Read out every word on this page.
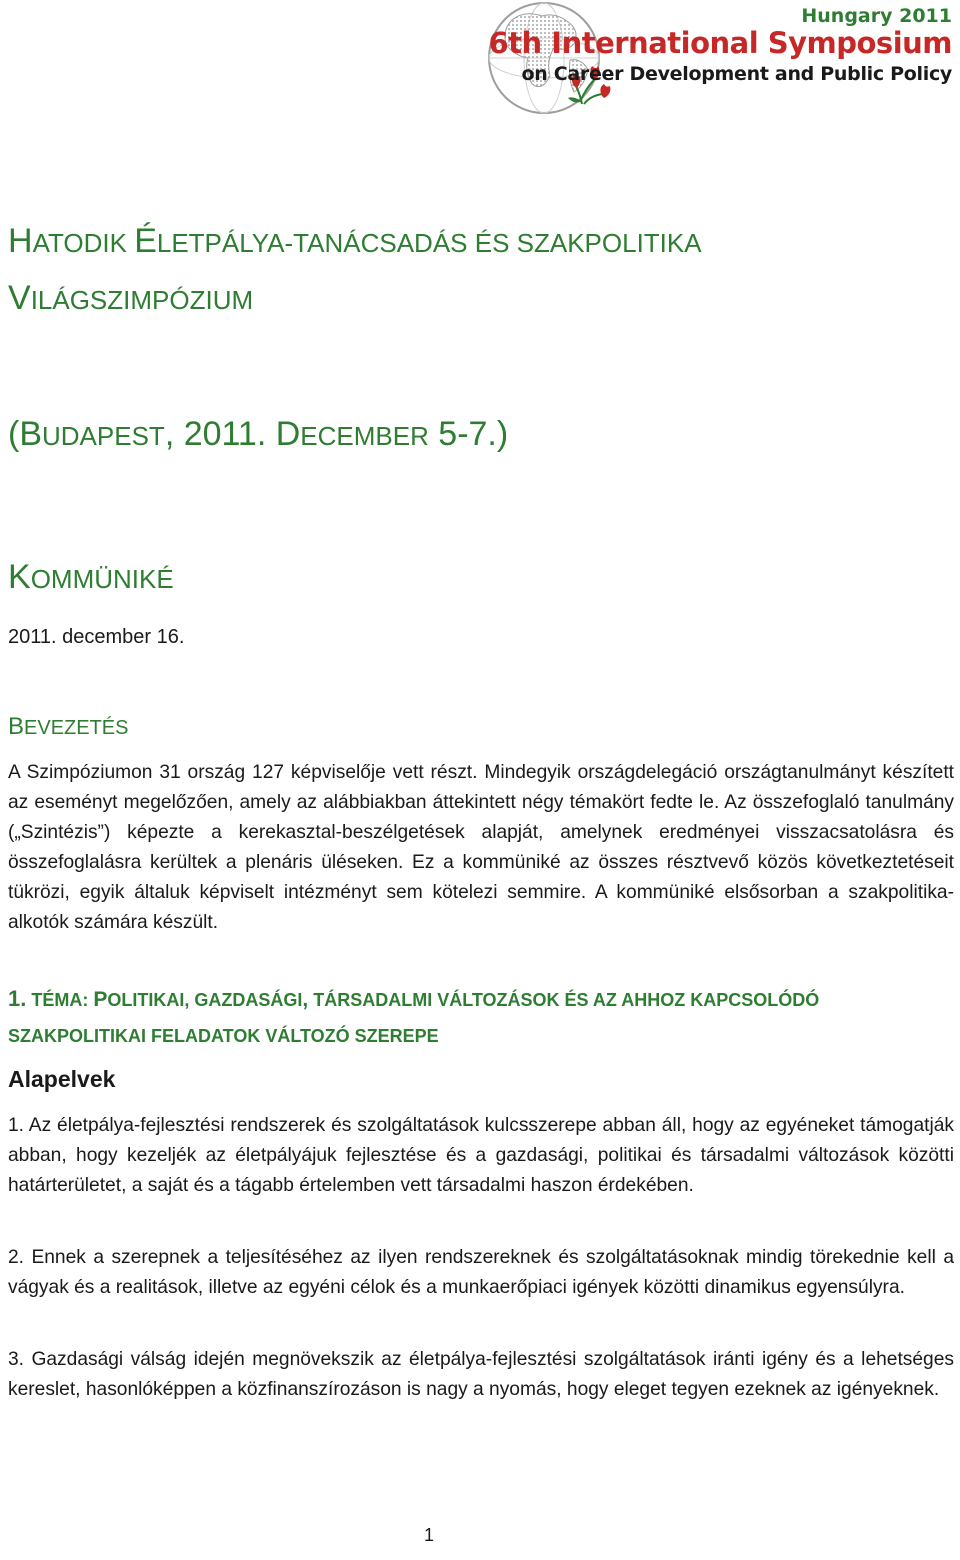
Hungary 2011
6th International Symposium
on Career Development and Public Policy
HATODIK ÉLETPÁLYA-TANÁCSADÁS ÉS SZAKPOLITIKA
VILÁGSZIMPÓZIUM
(BUDAPEST, 2011. DECEMBER 5-7.)
KOMMÜNIKÉ
2011. december 16.
BEVEZETÉS

A Szimpóziumon 31 ország 127 képviselője vett részt. Mindegyik országdelegáció országtanulmányt készített az eseményt megelőzően, amely az alábbiakban áttekintett négy témakört fedte le. Az összefoglaló tanulmány („Szintézis”) képezte a kerekasztal-beszélgetések alapját, amelynek eredményei visszacsatolásra és összefoglalásra kerültek a plenáris üléseken. Ez a kommüniké az összes résztvevő közös következtetéseit tükrözi, egyik általuk képviselt intézményt sem kötelezi semmire. A kommüniké elsősorban a szakpolitika-alkotók számára készült.

1. TÉMA: POLITIKAI, GAZDASÁGI, TÁRSADALMI VÁLTOZÁSOK ÉS AZ AHHOZ KAPCSOLÓDÓ
SZAKPOLITIKAI FELADATOK VÁLTOZÓ SZEREPE
Alapelvek

1. Az életpálya-fejlesztési rendszerek és szolgáltatások kulcsszerepe abban áll, hogy az egyéneket támogatják abban, hogy kezeljék az életpályájuk fejlesztése és a gazdasági, politikai és társadalmi változások közötti határterületet, a saját és a tágabb értelemben vett társadalmi haszon érdekében.

2. Ennek a szerepnek a teljesítéséhez az ilyen rendszereknek és szolgáltatásoknak mindig törekednie kell a vágyak és a realitások, illetve az egyéni célok és a munkaerőpiaci igények közötti dinamikus egyensúlyra.

3. Gazdasági válság idején megnövekszik az életpálya-fejlesztési szolgáltatások iránti igény és a lehetséges kereslet, hasonlóképpen a közfinanszírozáson is nagy a nyomás, hogy eleget tegyen ezeknek az igényeknek.

1
